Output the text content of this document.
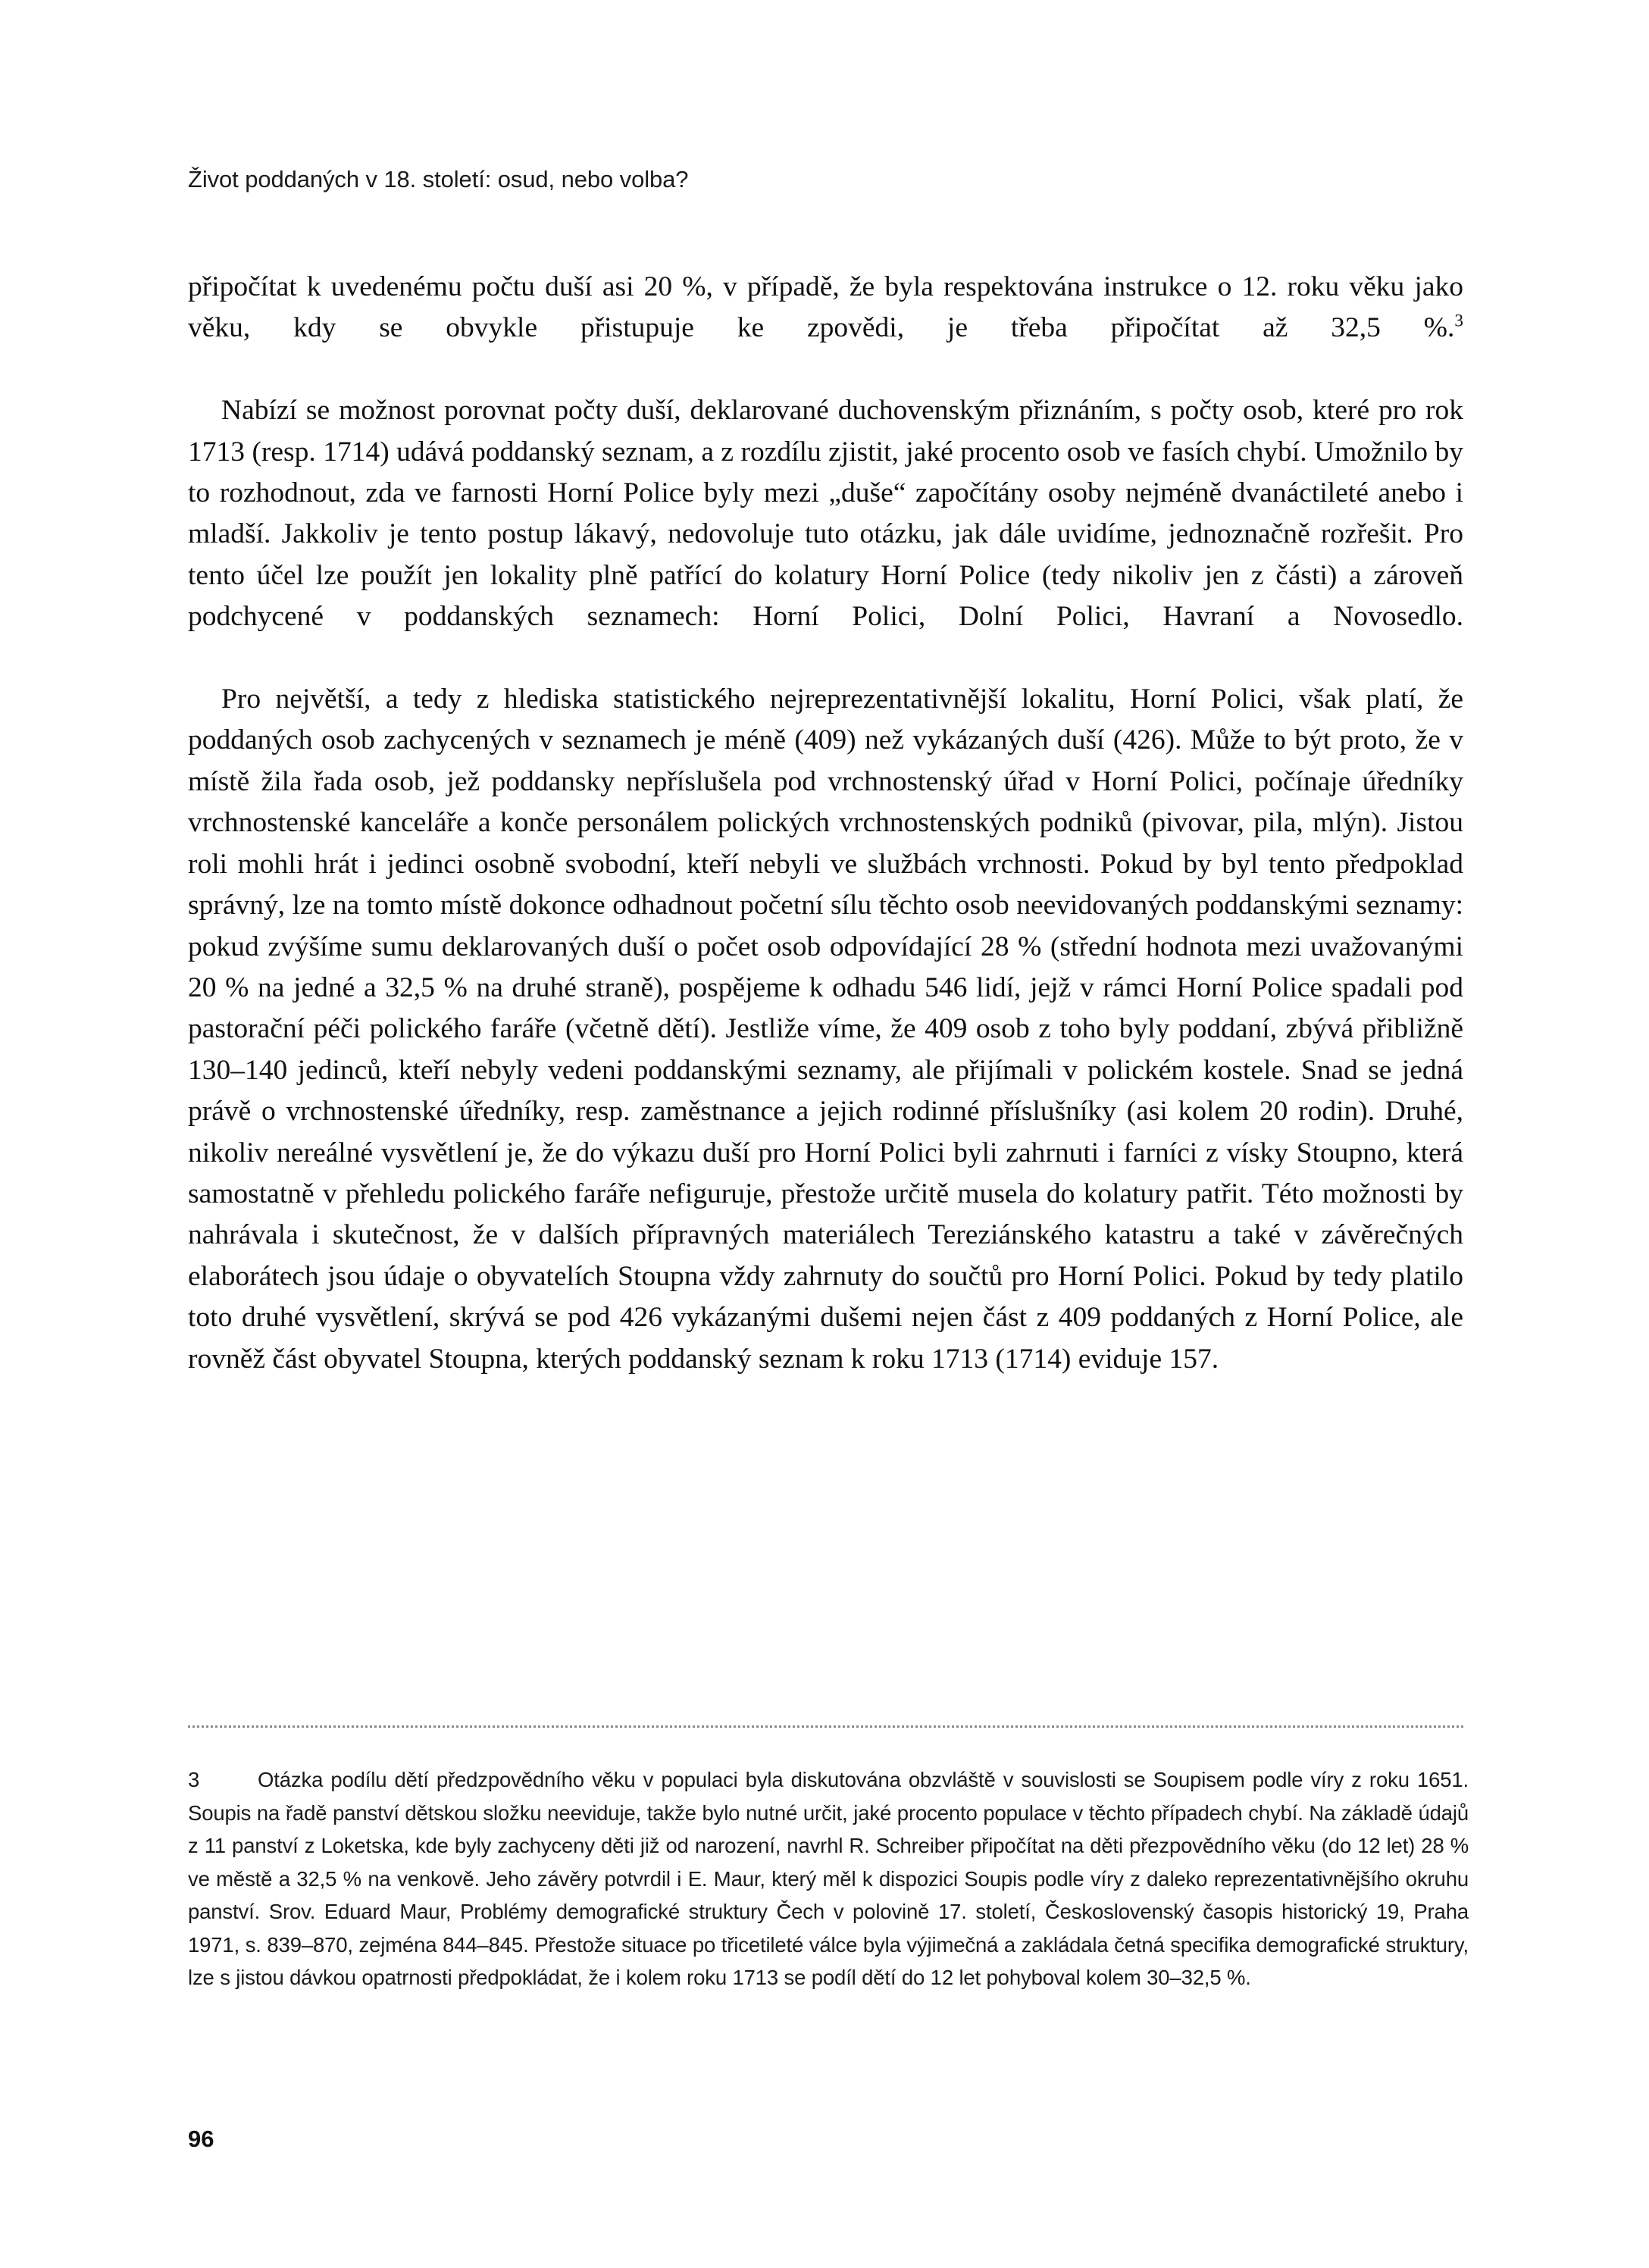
Život poddaných v 18. století: osud, nebo volba?

připočítat k uvedenému počtu duší asi 20 %, v případě, že byla respektována instrukce o 12. roku věku jako věku, kdy se obvykle přistupuje ke zpovědi, je třeba připočítat až 32,5 %.$^3$

Nabízí se možnost porovnat počty duší, deklarované duchovenským přiznáním, s počty osob, které pro rok 1713 (resp. 1714) udává poddanský seznam, a z rozdílu zjistit, jaké procento osob ve fasích chybí. Umožnilo by to rozhodnout, zda ve farnosti Horní Police byly mezi „duše“ započítány osoby nejméně dvanáctileté anebo i mladší. Jakkoliv je tento postup lákavý, nedovoluje tuto otázku, jak dále uvidíme, jednoznačně rozřešit. Pro tento účel lze použít jen lokality plně patřící do kolatury Horní Police (tedy nikoliv jen z části) a zároveň podchycené v poddanských seznamech: Horní Polici, Dolní Polici, Havraní a Novosedlo.

Pro největší, a tedy z hlediska statistického nejreprezentativnější lokalitu, Horní Polici, však platí, že poddaných osob zachycených v seznamech je méně (409) než vykázaných duší (426). Může to být proto, že v místě žila řada osob, jež poddansky nepříslušela pod vrchnostenský úřad v Horní Polici, počínaje úředníky vrchnostenské kanceláře a konče personálem polických vrchnostenských podniků (pivovar, pila, mlýn). Jistou roli mohli hrát i jedinci osobně svobodní, kteří nebyli ve službách vrchnosti. Pokud by byl tento předpoklad správný, lze na tomto místě dokonce odhadnout početní sílu těchto osob neevidovaných poddanskými seznamy: pokud zvýšíme sumu deklarovaných duší o počet osob odpovídající 28 % (střední hodnota mezi uvažovanými 20 % na jedné a 32,5 % na druhé straně), pospějeme k odhadu 546 lidí, jejž v rámci Horní Police spadali pod pastorační péči polického faráře (včetně dětí). Jestliže víme, že 409 osob z toho byly poddaní, zbývá přibližně 130–140 jedinců, kteří nebyly vedeni poddanskými seznamy, ale přijímali v polickém kostele. Snad se jedná právě o vrchnostenské úředníky, resp. zaměstnance a jejich rodinné příslušníky (asi kolem 20 rodin). Druhé, nikoliv nereálné vysvětlení je, že do výkazu duší pro Horní Polici byli zahrnuti i farníci z vísky Stoupno, která samostatně v přehledu polického faráře nefiguruje, přestože určitě musela do kolatury patřit. Této možnosti by nahrávala i skutečnost, že v dalších přípravných materiálech Tereziánského katastru a také v závěrečných elaborátech jsou údaje o obyvatelích Stoupna vždy zahrnuty do součtů pro Horní Polici. Pokud by tedy platilo toto druhé vysvětlení, skrývá se pod 426 vykázanými dušemi nejen část z 409 poddaných z Horní Police, ale rovněž část obyvatel Stoupna, kterých poddanský seznam k roku 1713 (1714) eviduje 157.

3	Otázka podílu dětí předzpovědního věku v populaci byla diskutována obzvláště v souvislosti se Soupisem podle víry z roku 1651. Soupis na řadě panství dětskou složku neeviduje, takže bylo nutné určit, jaké procento populace v těchto případech chybí. Na základě údajů z 11 panství z Loketska, kde byly zachyceny děti již od narození, navrhl R. Schreiber připočítat na děti přezpovědního věku (do 12 let) 28 % ve městě a 32,5 % na venkově. Jeho závěry potvrdil i E. Maur, který měl k dispozici Soupis podle víry z daleko reprezentativnějšího okruhu panství. Srov. Eduard Maur, Problémy demografické struktury Čech v polovině 17. století, Československý časopis historický 19, Praha 1971, s. 839–870, zejména 844–845. Přestože situace po třicetileté válce byla výjimečná a zakládala četná specifika demografické struktury, lze s jistou dávkou opatrnosti předpokládat, že i kolem roku 1713 se podíl dětí do 12 let pohyboval kolem 30–32,5 %.

96
